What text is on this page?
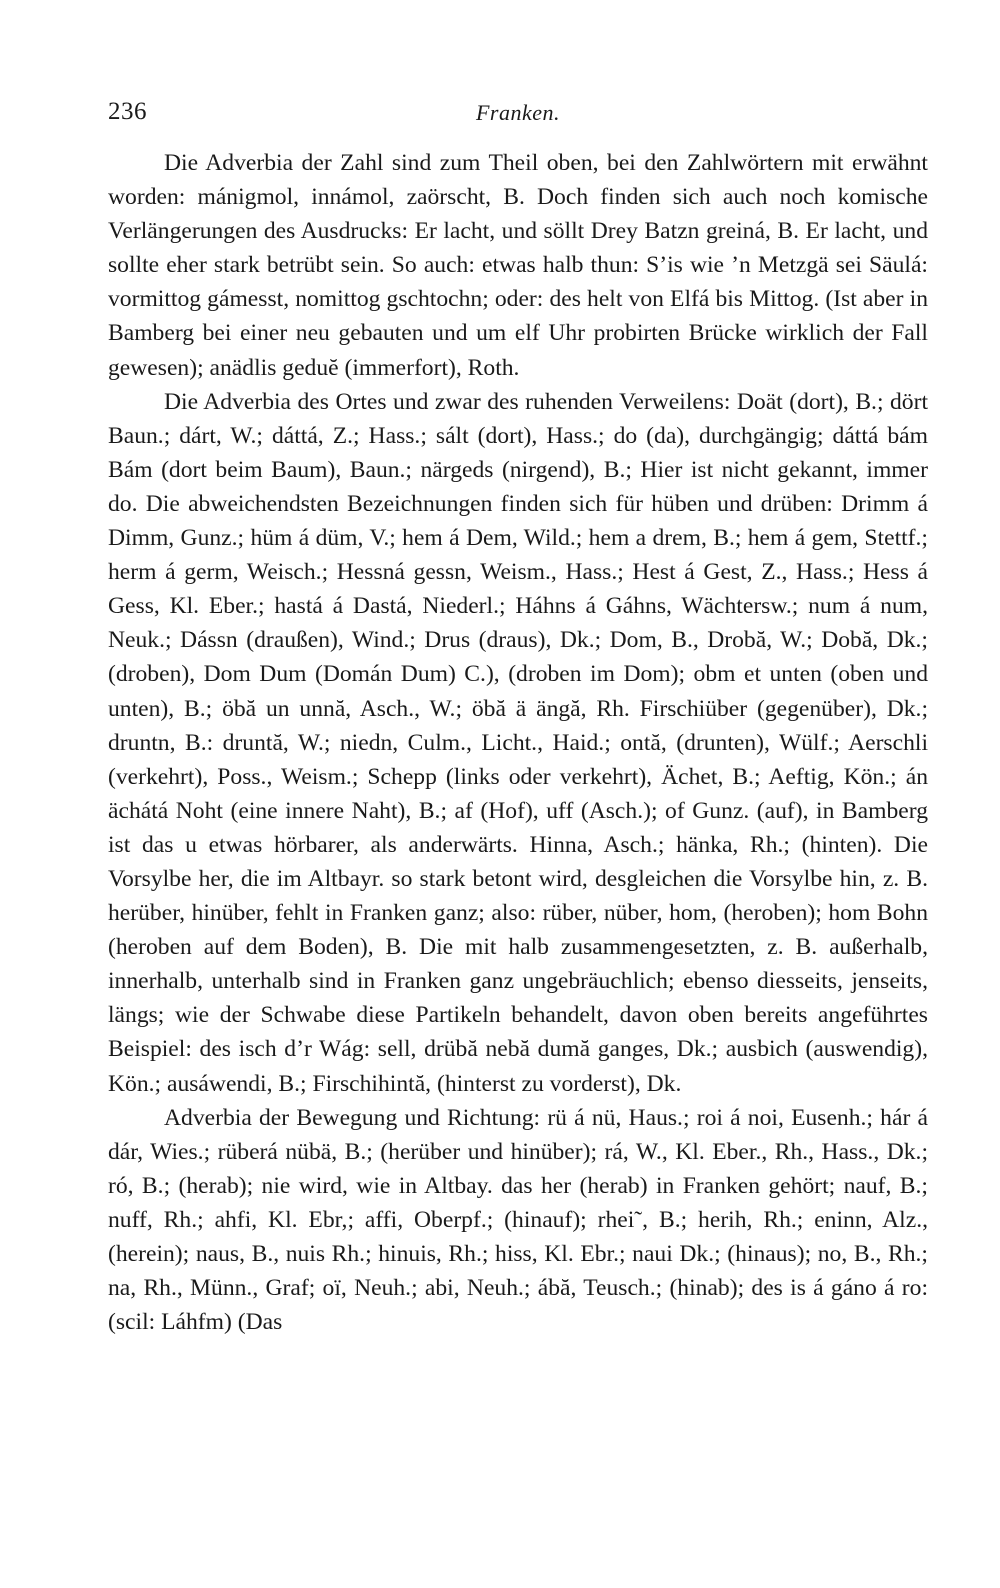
236	Franken.

Die Adverbia der Zahl sind zum Theil oben, bei den Zahlwörtern mit erwähnt worden: mánigmol, innámol, zaörscht, B. Doch finden sich auch noch komische Verlängerungen des Ausdrucks: Er lacht, und söllt Drey Batzn greiná, B. Er lacht, und sollte eher stark betrübt sein. So auch: etwas halb thun: S’is wie ’n Metzgä sei Säulá: vormittog gámesst, nomittog gschtochn; oder: des helt von Elfá bis Mittog. (Ist aber in Bamberg bei einer neu gebauten und um elf Uhr probirten Brücke wirklich der Fall gewesen); anädlis geduĕ (immerfort), Roth.

Die Adverbia des Ortes und zwar des ruhenden Verweilens: Doät (dort), B.; dört Baun.; dárt, W.; dáttá, Z.; Hass.; sált (dort), Hass.; do (da), durchgängig; dáttá bám Bám (dort beim Baum), Baun.; närgeds (nirgend), B.; Hier ist nicht gekannt, immer do. Die abweichendsten Bezeichnungen finden sich für hüben und drüben: Drimm á Dimm, Gunz.; hüm á düm, V.; hem á Dem, Wild.; hem a drem, B.; hem á gem, Stettf.; herm á germ, Weisch.; Hessná gessn, Weism., Hass.; Hest á Gest, Z., Hass.; Hess á Gess, Kl. Eber.; hastá á Dastá, Niederl.; Háhns á Gáhns, Wächtersw.; num á num, Neuk.; Dássn (draußen), Wind.; Drus (draus), Dk.; Dom, B., Drobă, W.; Dobă, Dk.; (droben), Dom Dum (Domán Dum) C.), (droben im Dom); obm et unten (oben und unten), B.; öbă un unnă, Asch., W.; öbă ä ängă, Rh. Firschiüber (gegenüber), Dk.; druntn, B.: druntă, W.; niedn, Culm., Licht., Haid.; ontă, (drunten), Wülf.; Aerschli (verkehrt), Poss., Weism.; Schepp (links oder verkehrt), Ächet, B.; Aeftig, Kön.; án ächátá Noht (eine innere Naht), B.; af (Hof), uff (Asch.); of Gunz. (auf), in Bamberg ist das u etwas hörbarer, als anderwärts. Hinna, Asch.; hänka, Rh.; (hinten). Die Vorsylbe her, die im Altbayr. so stark betont wird, desgleichen die Vorsylbe hin, z. B. herüber, hinüber, fehlt in Franken ganz; also: rüber, nüber, hom, (heroben); hom Bohn (heroben auf dem Boden), B. Die mit halb zusammengesetzten, z. B. außerhalb, innerhalb, unterhalb sind in Franken ganz ungebräuchlich; ebenso diesseits, jenseits, längs; wie der Schwabe diese Partikeln behandelt, davon oben bereits angeführtes Beispiel: des isch d’r Wág: sell, drübă nebă dumă ganges, Dk.; ausbich (auswendig), Kön.; ausáwendi, B.; Firschihintă, (hinterst zu vorderst), Dk.

Adverbia der Bewegung und Richtung: rü á nü, Haus.; roi á noi, Eusenh.; hár á dár, Wies.; rüberá nübä, B.; (herüber und hinüber); rá, W., Kl. Eber., Rh., Hass., Dk.; ró, B.; (herab); nie wird, wie in Altbay. das her (herab) in Franken gehört; nauf, B.; nuff, Rh.; ahfi, Kl. Ebr,; affi, Oberpf.; (hinauf); rhei˜, B.; herih, Rh.; eninn, Alz., (herein); naus, B., nuis Rh.; hinuis, Rh.; hiss, Kl. Ebr.; naui Dk.; (hinaus); no, B., Rh.; na, Rh., Münn., Graf; oï, Neuh.; abi, Neuh.; ábă, Teusch.; (hinab); des is á gáno á ro: (scil: Láhfm) (Das
